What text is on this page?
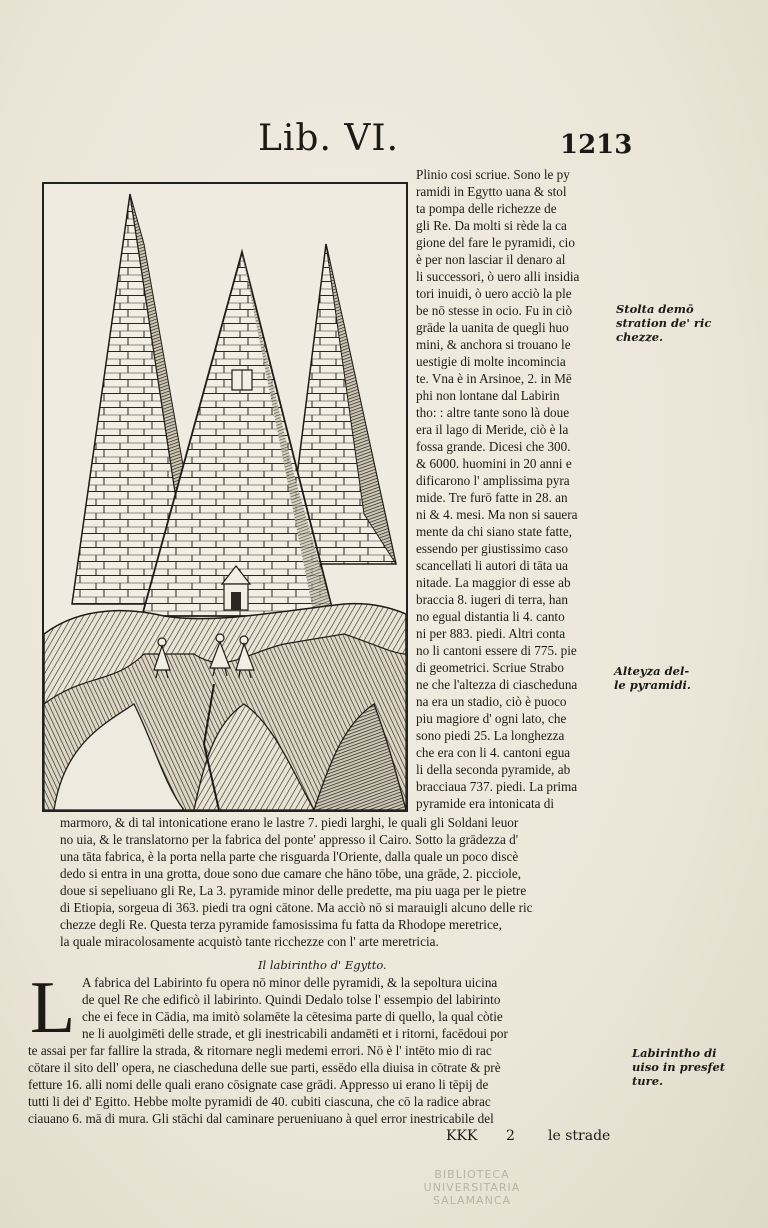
Lib. VI.	1213
Plinio cosi scriue. Sono le py
ramidi in Egytto uana & stol
ta pompa delle richezze de
gli Re. Da molti si rède la ca
gione del fare le pyramidi, cio
è per non lasciar il denaro al
li successori, ò uero alli insidia
tori inuidi, ò uero acciò la ple
be nō stesse in ocio. Fu in ciò
grāde la uanita de quegli huo
mini, & anchora si trouano le
uestigie di molte incomincia
te. Vna è in Arsinoe, 2. in Mē
phi non lontane dal Labirin
tho: : altre tante sono là doue
era il lago di Meride, ciò è la
fossa grande. Dicesi che 300.
& 6000. huomini in 20 anni e
dificarono l' amplissima pyra
mide. Tre furō fatte in 28. an
ni & 4. mesi. Ma non si sauera
mente da chi siano state fatte,
essendo per giustissimo caso
scancellati li autori di tāta ua
nitade. La maggior di esse ab
braccia 8. iugeri di terra, han
no egual distantia li 4. canto
ni per 883. piedi. Altri conta
no li cantoni essere di 775. pie
di geometrici. Scriue Strabo
ne che l'altezza di ciascheduna
na era un stadio, ciò è puoco
piu magiore d' ogni lato, che
sono piedi 25. La longhezza
che era con li 4. cantoni egua
li della seconda pyramide, ab
bracciaua 737. piedi. La prima
pyramide era intonicata di
marmoro, & di tal intonicatione erano le lastre 7. piedi larghi, le quali gli Soldani leuor
no uia, & le translatorno per la fabrica del ponte' appresso il Cairo. Sotto la grādezza d'
una tāta fabrica, è la porta nella parte che risguarda l'Oriente, dalla quale un poco discè
dedo si entra in una grotta, doue sono due camare che hāno tōbe, una grāde, 2. picciole,
doue si sepeliuano gli Re, La 3. pyramide minor delle predette, ma piu uaga per le pietre
di Etiopia, sorgeua di 363. piedi tra ogni cātone. Ma acciò nō si marauigli alcuno delle ric
chezze degli Re. Questa terza pyramide famosissima fu fatta da Rhodope meretrice,
la quale miracolosamente acquistò tante ricchezze con l' arte meretricia.
Il labirintho d' Egytto.
L A fabrica del Labirinto fu opera nō minor delle pyramidi, & la sepoltura uicina
de quel Re che edificò il labirinto. Quindi Dedalo tolse l' essempio del labirinto
che ei fece in Cādia, ma imitò solamēte la cētesima parte di quello, la qual còtie
ne li auolgimēti delle strade, et gli inestricabili andamēti et i ritorni, facēdoui por
te assai per far fallire la strada, & ritornare negli medemi errori. Nō è l' intēto mio di rac
cōtare il sito dell' opera, ne ciascheduna delle sue parti, essēdo ella diuisa in cōtrate & prè
fetture 16. alli nomi delle quali erano cōsignate case grādi. Appresso ui erano li tēpij de
tutti li dei d' Egitto. Hebbe molte pyramidi de 40. cubiti ciascuna, che cō la radice abrac
ciauano 6. mā di mura. Gli stāchi dal caminare perueniuano à quel error inestricabile del
Stolta demō
stration de' ric
chezze.
Alteyza del-
le pyramidi.
Labirintho di
uiso in presfet
ture.
KKK 2 le strade
BIBLIOTECA
UNIVERSITARIA
SALAMANCA
